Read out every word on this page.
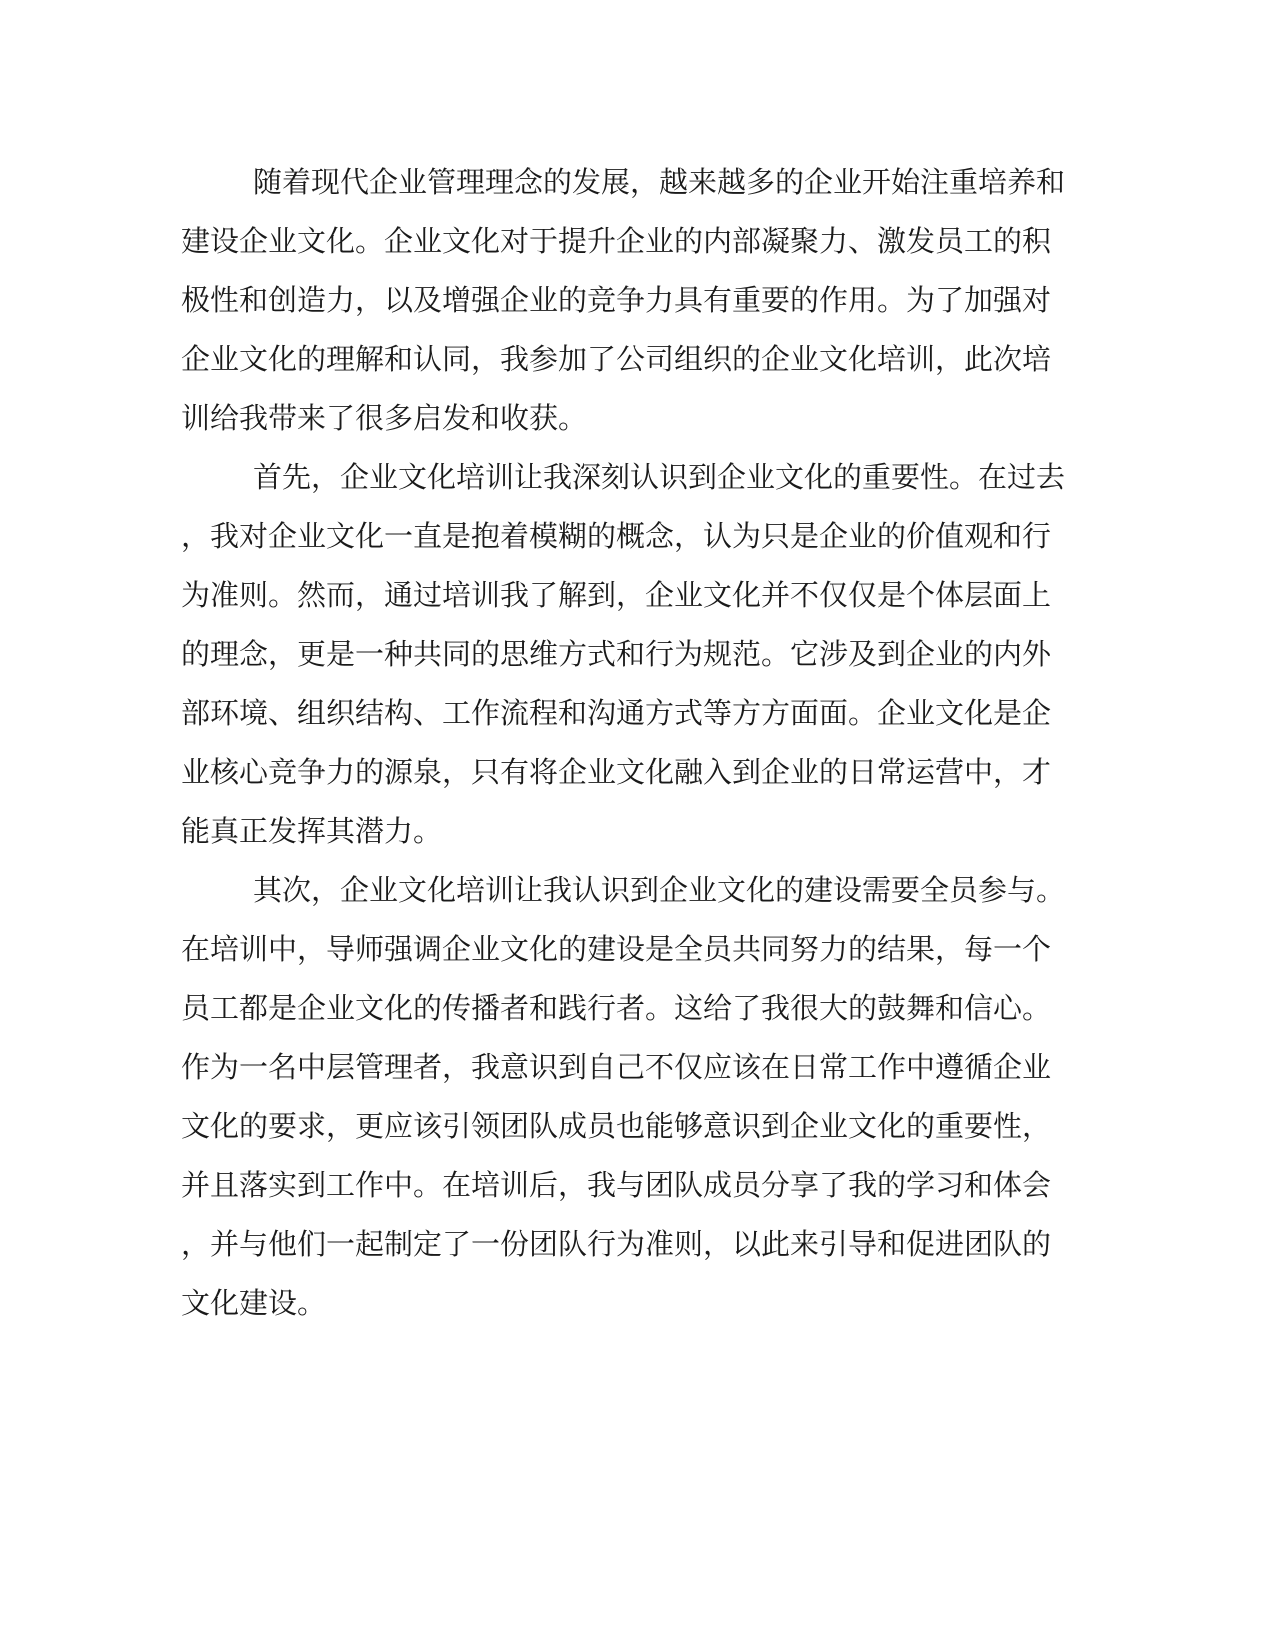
随着现代企业管理理念的发展，越来越多的企业开始注重培养和

建设企业文化。企业文化对于提升企业的内部凝聚力、激发员工的积

极性和创造力，以及增强企业的竞争力具有重要的作用。为了加强对

企业文化的理解和认同，我参加了公司组织的企业文化培训，此次培

训给我带来了很多启发和收获。

首先，企业文化培训让我深刻认识到企业文化的重要性。在过去

，我对企业文化一直是抱着模糊的概念，认为只是企业的价值观和行

为准则。然而，通过培训我了解到，企业文化并不仅仅是个体层面上

的理念，更是一种共同的思维方式和行为规范。它涉及到企业的内外

部环境、组织结构、工作流程和沟通方式等方方面面。企业文化是企

业核心竞争力的源泉，只有将企业文化融入到企业的日常运营中，才

能真正发挥其潜力。

其次，企业文化培训让我认识到企业文化的建设需要全员参与。

在培训中，导师强调企业文化的建设是全员共同努力的结果，每一个

员工都是企业文化的传播者和践行者。这给了我很大的鼓舞和信心。

作为一名中层管理者，我意识到自己不仅应该在日常工作中遵循企业

文化的要求，更应该引领团队成员也能够意识到企业文化的重要性，

并且落实到工作中。在培训后，我与团队成员分享了我的学习和体会

，并与他们一起制定了一份团队行为准则，以此来引导和促进团队的

文化建设。
